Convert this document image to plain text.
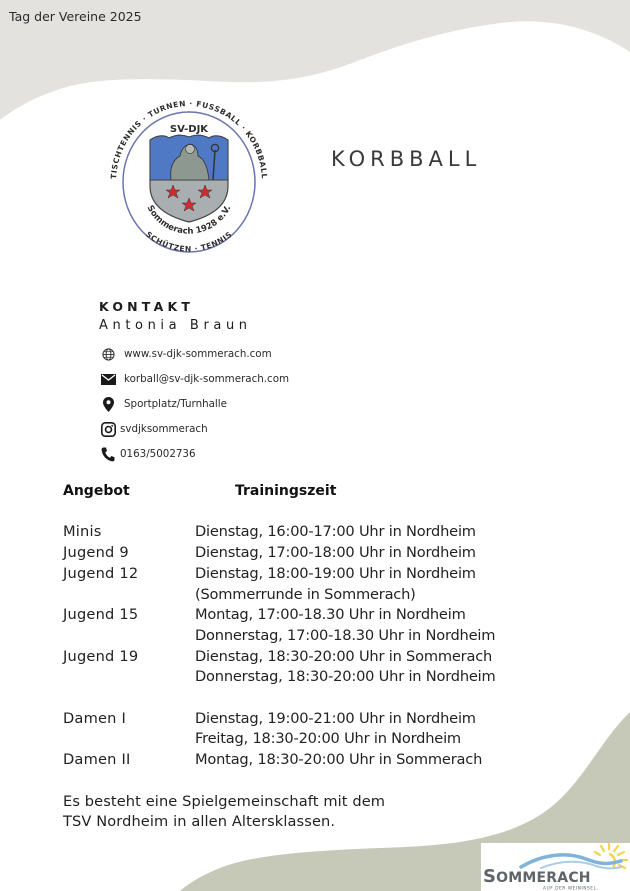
Tag der Vereine 2025
TISCHTENNIS · TURNEN · FUSSBALL · KORBBALL
SCHÜTZEN · TENNIS
SV-DJK
Sommerach 1928 e.V.
KORBBALL
KONTAKT
Antonia Braun
www.sv-djk-sommerach.com
korball@sv-djk-sommerach.com
Sportplatz/Turnhalle
svdjksommerach
0163/5002736
Angebot	Trainingszeit
Minis	Dienstag, 16:00-17:00 Uhr in Nordheim
Jugend 9	Dienstag, 17:00-18:00 Uhr in Nordheim
Jugend 12	Dienstag, 18:00-19:00 Uhr in Nordheim
(Sommerrunde in Sommerach)
Jugend 15	Montag, 17:00-18.30 Uhr in Nordheim
Donnerstag, 17:00-18.30 Uhr in Nordheim
Jugend 19	Dienstag, 18:30-20:00 Uhr in Sommerach
Donnerstag, 18:30-20:00 Uhr in Nordheim
Damen I	Dienstag, 19:00-21:00 Uhr in Nordheim
Freitag, 18:30-20:00 Uhr in Nordheim
Damen II	Montag, 18:30-20:00 Uhr in Sommerach
Es besteht eine Spielgemeinschaft mit dem
TSV Nordheim in allen Altersklassen.
SOMMERACH
AUF DER WEININSEL.
